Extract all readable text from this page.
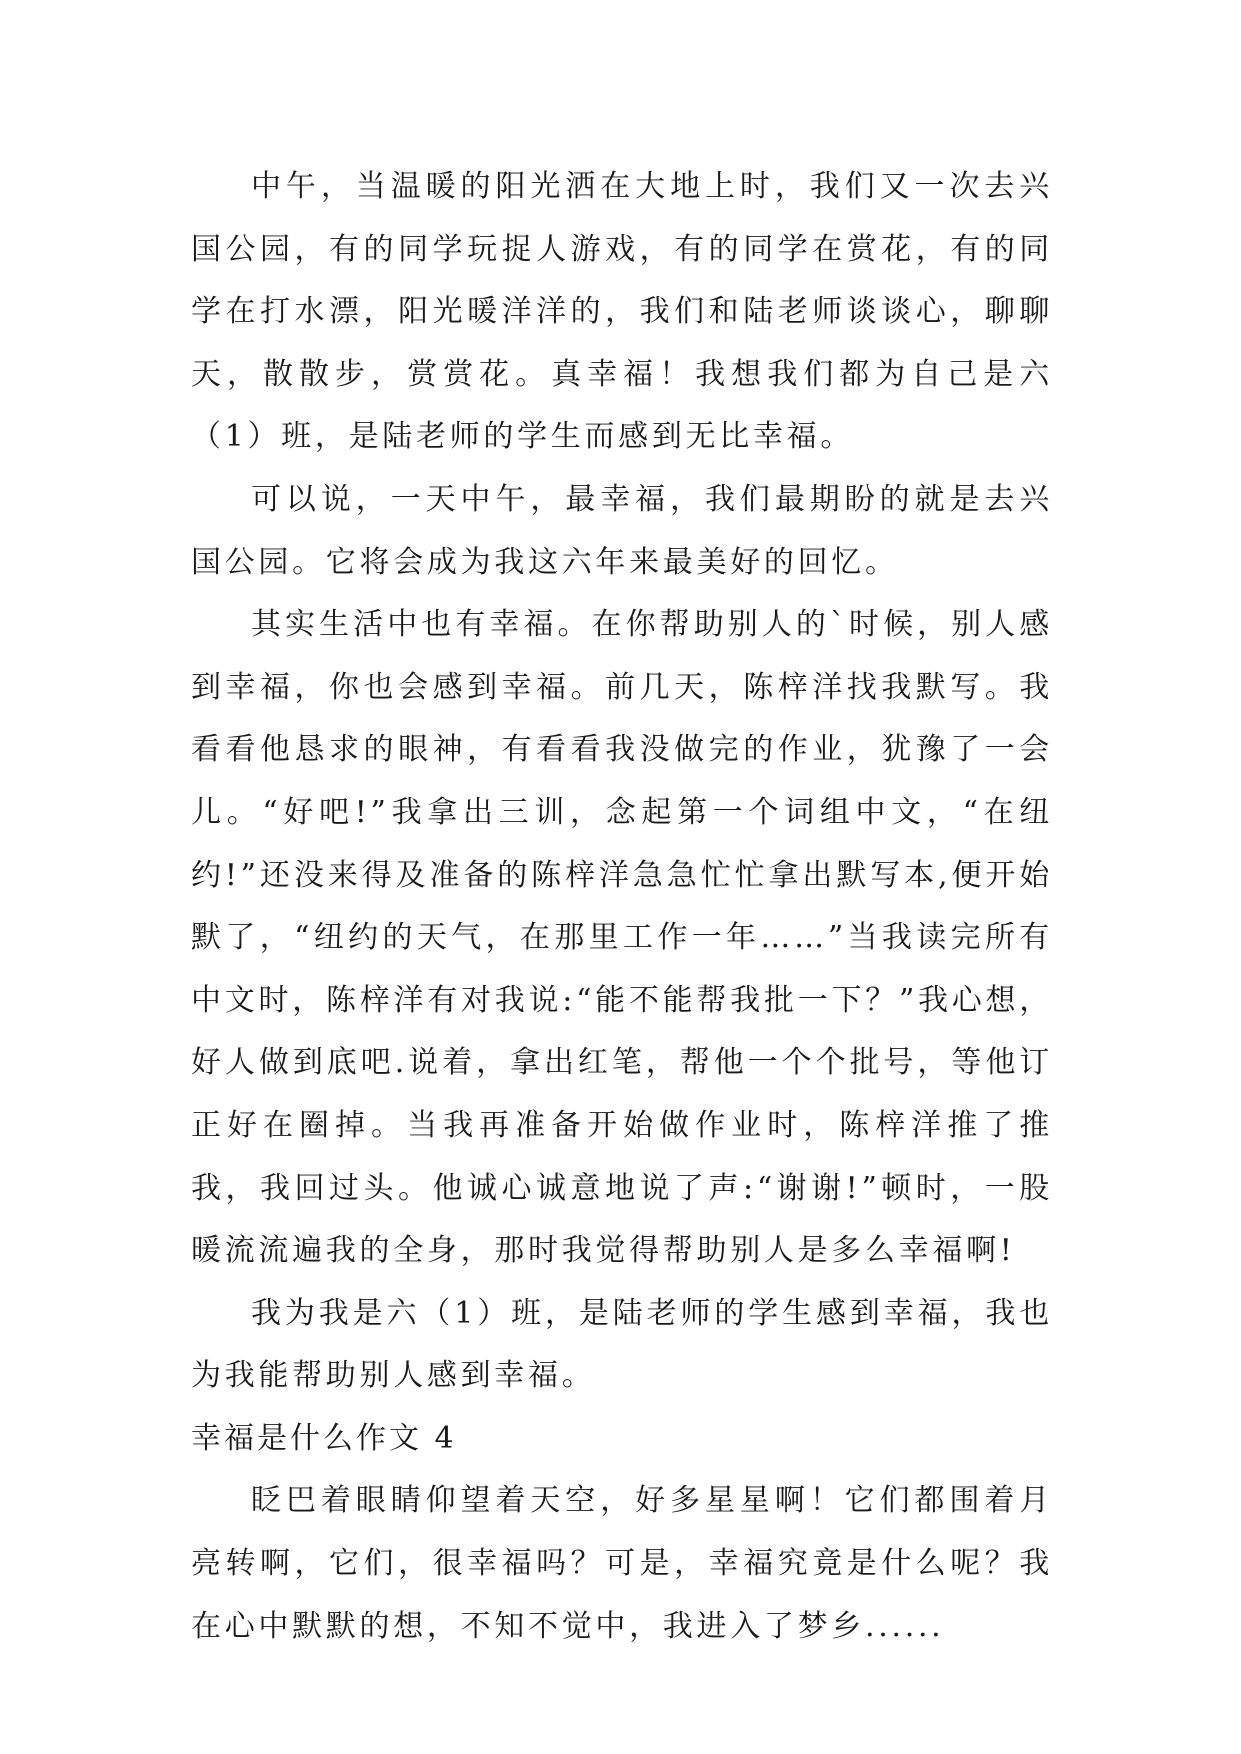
中午，当温暖的阳光洒在大地上时，我们又一次去兴国公园，有的同学玩捉人游戏，有的同学在赏花，有的同学在打水漂，阳光暖洋洋的，我们和陆老师谈谈心，聊聊天，散散步，赏赏花。真幸福！我想我们都为自己是六（1）班，是陆老师的学生而感到无比幸福。

可以说，一天中午，最幸福，我们最期盼的就是去兴国公园。它将会成为我这六年来最美好的回忆。

其实生活中也有幸福。在你帮助别人的`时候，别人感到幸福，你也会感到幸福。前几天，陈梓洋找我默写。我看看他恳求的眼神，有看看我没做完的作业，犹豫了一会儿。“好吧!”我拿出三训，念起第一个词组中文，“在纽约!”还没来得及准备的陈梓洋急急忙忙拿出默写本,便开始默了，“纽约的天气，在那里工作一年……”当我读完所有中文时，陈梓洋有对我说:“能不能帮我批一下？”我心想，好人做到底吧.说着，拿出红笔，帮他一个个批号，等他订正好在圈掉。当我再准备开始做作业时，陈梓洋推了推我，我回过头。他诚心诚意地说了声:“谢谢!”顿时，一股暖流流遍我的全身，那时我觉得帮助别人是多么幸福啊!

我为我是六（1）班，是陆老师的学生感到幸福，我也为我能帮助别人感到幸福。

幸福是什么作文 4

眨巴着眼睛仰望着天空，好多星星啊！它们都围着月亮转啊，它们，很幸福吗？可是，幸福究竟是什么呢？我在心中默默的想，不知不觉中，我进入了梦乡......
